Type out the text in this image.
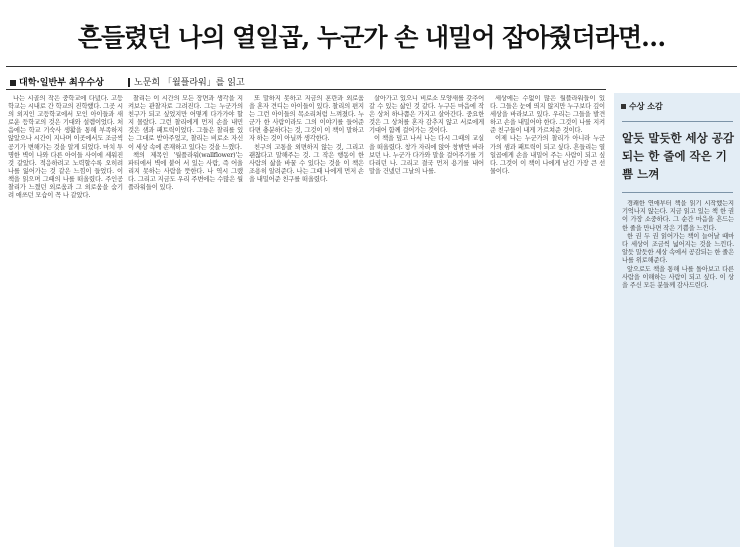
흔들렸던 나의 열일곱, 누군가 손 내밀어 잡아줬더라면…
대학·일반부 최우수상	노문희 「월플라워」를 읽고

나는 시골의 작은 중학교에 다녔다. 고등학교는 시내로 간 학교의 진학했다. 그곳 시의 외지인 고등학교에서 모인 아이들과 새로운 등학교의 것은 기대와 설렘이었다. 처음에는 학교 기숙사 생활을 통해 부족하지 않았으나 시간이 지나며 이곳에서도 조금씩 공기가 변해가는 것을 알게 되었다. 마치 투명한 벽이 나와 다른 아이들 사이에 세워진 것 같았다. 적응하려고 노력할수록 오히려 나를 잃어가는 것 같은 느낌이 들었다. 이 책을 읽으며 그때의 나를 떠올렸다. 주인공 찰리가 느꼈던 외로움과 그 외로움을 숨기려 애쓰던 모습이 꼭 나 같았다.

찰리는 이 시간의 모든 장면과 생각을 지켜보는 관찰자로 그려진다. 그는 누군가의 친구가 되고 싶었지만 어떻게 다가가야 할지 몰랐다. 그런 찰리에게 먼저 손을 내민 것은 샘과 패트릭이었다. 그들은 찰리를 있는 그대로 받아주었고, 찰리는 비로소 자신이 세상 속에 존재하고 있다는 것을 느꼈다.

책의 제목인 '월플라워(wallflower)'는 파티에서 벽에 붙어 서 있는 사람, 즉 어울리지 못하는 사람을 뜻한다. 나 역시 그랬다. 그리고 지금도 우리 주변에는 수많은 월플라워들이 있다.

또 말하지 못하고 지금의 혼란과 외로움을 혼자 견디는 아이들이 있다. 찰리의 편지는 그런 아이들의 목소리처럼 느껴졌다. 누군가 한 사람이라도 그의 이야기를 들어준다면 충분하다는 것, 그것이 이 책이 말하고자 하는 것이 아닐까 생각한다.

친구의 고통을 외면하지 않는 것, 그리고 괜찮다고 말해주는 것. 그 작은 행동이 한 사람의 삶을 바꿀 수 있다는 것을 이 책은 조용히 알려준다. 나는 그때 나에게 먼저 손을 내밀어준 친구를 떠올렸다.

살아가고 있으니 비로소 모양새를 갖추어 갈 수 있는 삶인 것 같다. 누구든 마음에 작은 상처 하나쯤은 가지고 살아간다. 중요한 것은 그 상처를 혼자 감추지 않고 서로에게 기대어 함께 걸어가는 것이다.

이 책을 덮고 나서 나는 다시 그때의 교실을 떠올렸다. 창가 자리에 앉아 창밖만 바라보던 나. 누군가 다가와 말을 걸어주기를 기다리던 나. 그리고 결국 먼저 용기를 내어 말을 건넸던 그날의 나를.

세상에는 수없이 많은 월플라워들이 있다. 그들은 눈에 띄지 않지만 누구보다 깊이 세상을 바라보고 있다. 우리는 그들을 발견하고 손을 내밀어야 한다. 그것이 나를 지켜준 친구들이 내게 가르쳐준 것이다.

이제 나는 누군가의 찰리가 아니라 누군가의 샘과 패트릭이 되고 싶다. 흔들리는 열일곱에게 손을 내밀어 주는 사람이 되고 싶다. 그것이 이 책이 나에게 남긴 가장 큰 선물이다.

수상 소감
알듯 말듯한 세상 공감되는 한 줄에 작은 기쁨 느껴

경쾌한 연애부터 책을 읽기 시작했는지 기억나지 않는다. 지금 읽고 있는 책 한 권이 가장 소중하다. 그 순간 마음을 흔드는 한 줄을 만나면 작은 기쁨을 느낀다.

한 권 두 권 읽어가는 책이 늘어날 때마다 세상이 조금씩 넓어지는 것을 느낀다. 알듯 말듯한 세상 속에서 공감되는 한 줄은 나를 위로해준다.

앞으로도 책을 통해 나를 돌아보고 다른 사람을 이해하는 사람이 되고 싶다. 이 상을 주신 모든 분들께 감사드린다.
